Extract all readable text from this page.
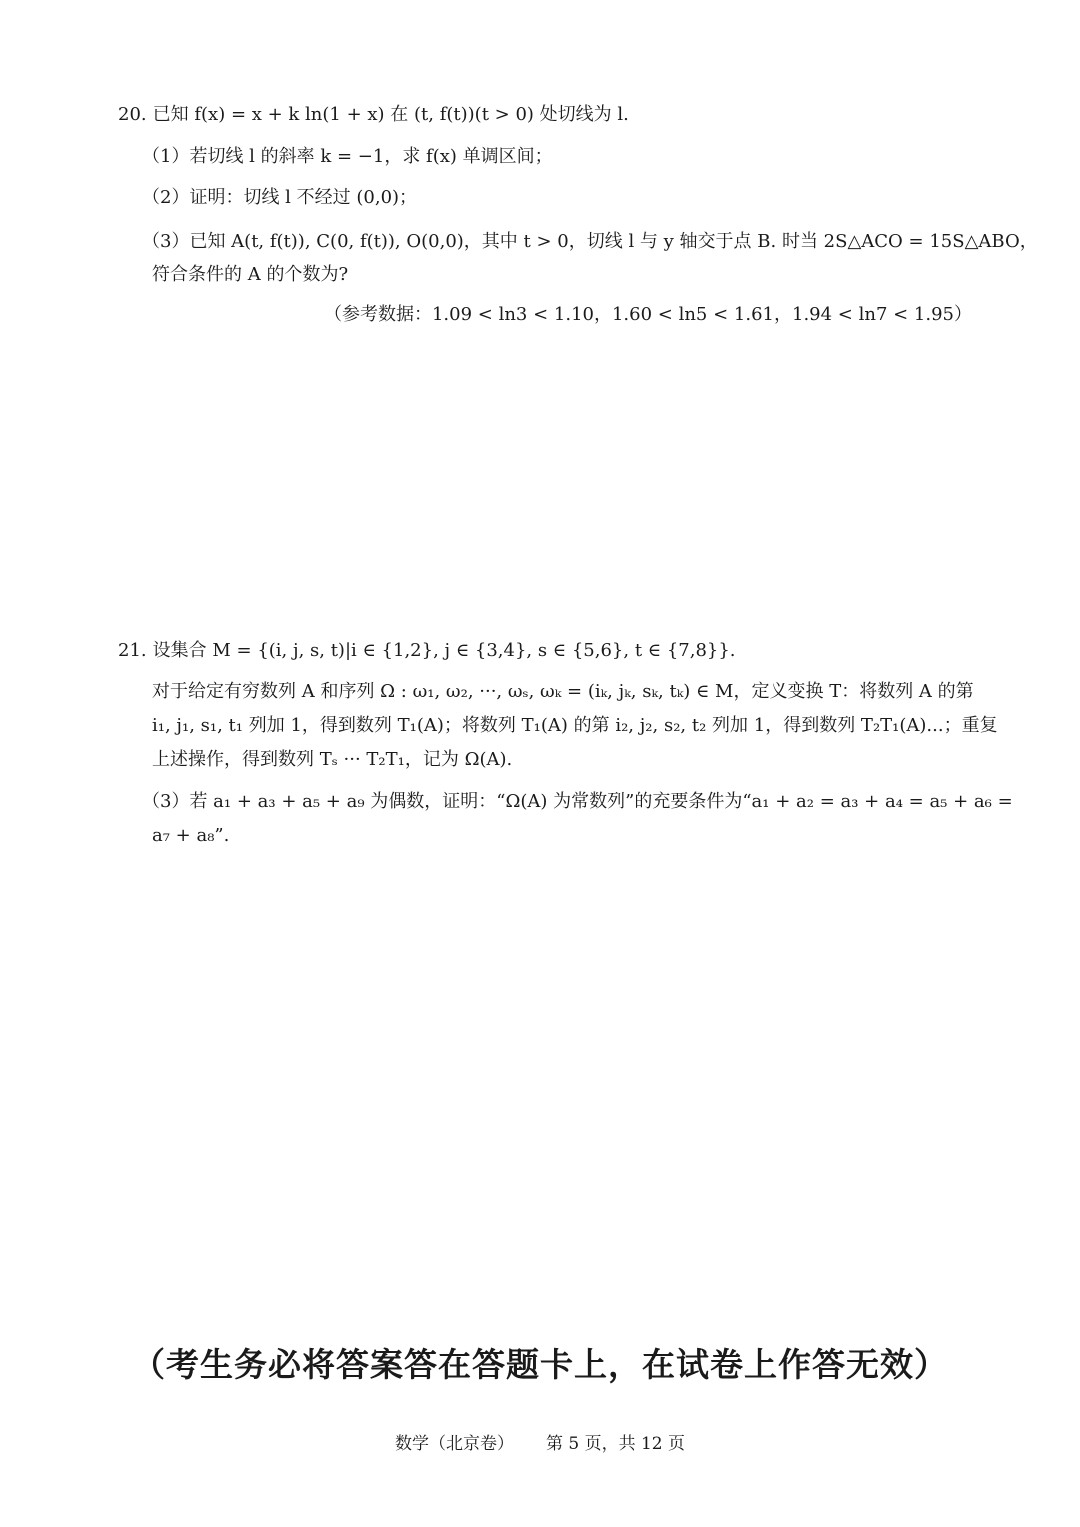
20. 已知 f(x) = x + k ln(1 + x) 在 (t, f(t))(t > 0) 处切线为 l.
（1）若切线 l 的斜率 k = −1，求 f(x) 单调区间；
（2）证明：切线 l 不经过 (0,0)；
（3）已知 A(t, f(t)), C(0, f(t)), O(0,0)，其中 t > 0，切线 l 与 y 轴交于点 B. 时当 2S△ACO = 15S△ABO，
符合条件的 A 的个数为?
（参考数据：1.09 < ln3 < 1.10，1.60 < ln5 < 1.61，1.94 < ln7 < 1.95）
21. 设集合 M = {(i, j, s, t)|i ∈ {1,2}, j ∈ {3,4}, s ∈ {5,6}, t ∈ {7,8}}.
对于给定有穷数列 A 和序列 Ω : ω₁, ω₂, ···, ωₛ, ωₖ = (iₖ, jₖ, sₖ, tₖ) ∈ M，定义变换 T：将数列 A 的第
i₁, j₁, s₁, t₁ 列加 1，得到数列 T₁(A)；将数列 T₁(A) 的第 i₂, j₂, s₂, t₂ 列加 1，得到数列 T₂T₁(A)...；重复
上述操作，得到数列 Tₛ ··· T₂T₁，记为 Ω(A).
（3）若 a₁ + a₃ + a₅ + a₉ 为偶数，证明：“Ω(A) 为常数列”的充要条件为“a₁ + a₂ = a₃ + a₄ = a₅ + a₆ =
a₇ + a₈”.
（考生务必将答案答在答题卡上，在试卷上作答无效）
数学（北京卷） 第 5 页，共 12 页
